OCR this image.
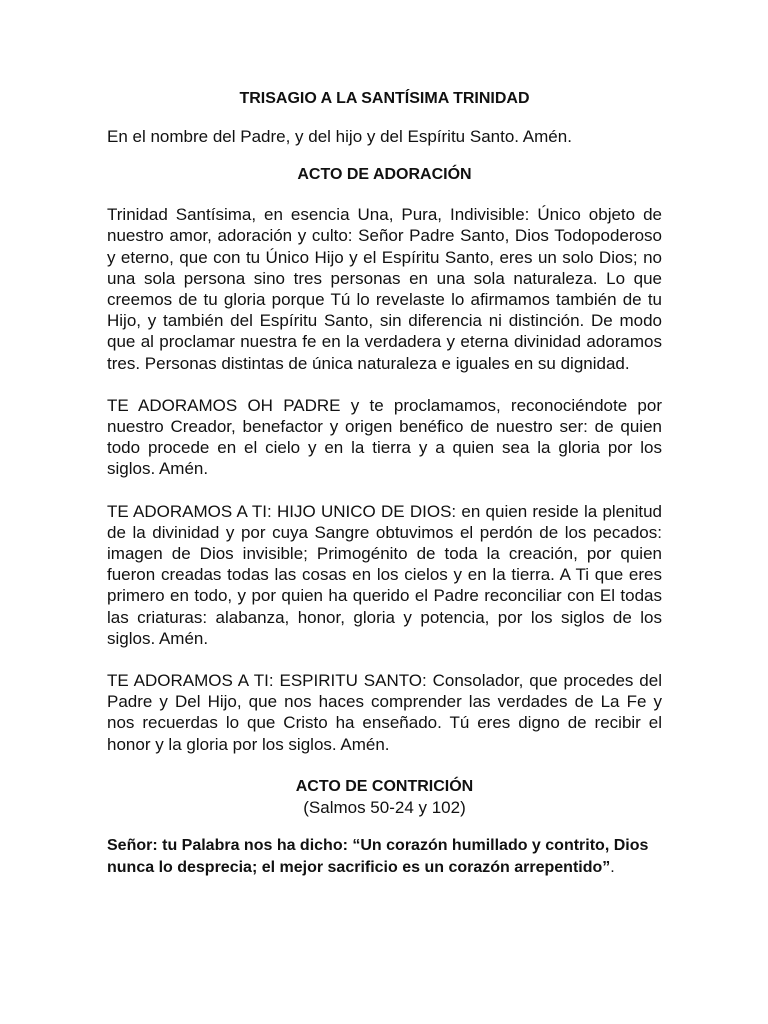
TRISAGIO A LA SANTÍSIMA TRINIDAD

En el nombre del Padre, y del hijo y del Espíritu Santo. Amén.

ACTO DE ADORACIÓN

Trinidad Santísima, en esencia Una, Pura, Indivisible: Único objeto de nuestro amor, adoración y culto: Señor Padre Santo, Dios Todopoderoso y eterno, que con tu Único Hijo y el Espíritu Santo, eres un solo Dios; no una sola persona sino tres personas en una sola naturaleza. Lo que creemos de tu gloria porque Tú lo revelaste lo afirmamos también de tu Hijo, y también del Espíritu Santo, sin diferencia ni distinción. De modo que al proclamar nuestra fe en la verdadera y eterna divinidad adoramos tres. Personas distintas de única naturaleza e iguales en su dignidad.

TE ADORAMOS OH PADRE y te proclamamos, reconociéndote por nuestro Creador, benefactor y origen benéfico de nuestro ser: de quien todo procede en el cielo y en la tierra y a quien sea la gloria por los siglos. Amén.

TE ADORAMOS A TI: HIJO UNICO DE DIOS: en quien reside la plenitud de la divinidad y por cuya Sangre obtuvimos el perdón de los pecados: imagen de Dios invisible; Primogénito de toda la creación, por quien fueron creadas todas las cosas en los cielos y en la tierra. A Ti que eres primero en todo, y por quien ha querido el Padre reconciliar con El todas las criaturas: alabanza, honor, gloria y potencia, por los siglos de los siglos. Amén.

TE ADORAMOS A TI: ESPIRITU SANTO: Consolador, que procedes del Padre y Del Hijo, que nos haces comprender las verdades de La Fe y nos recuerdas lo que Cristo ha enseñado. Tú eres digno de recibir el honor y la gloria por los siglos. Amén.

ACTO DE CONTRICIÓN

(Salmos 50-24 y 102)

Señor: tu Palabra nos ha dicho: “Un corazón humillado y contrito, Dios nunca lo desprecia; el mejor sacrificio es un corazón arrepentido”.
